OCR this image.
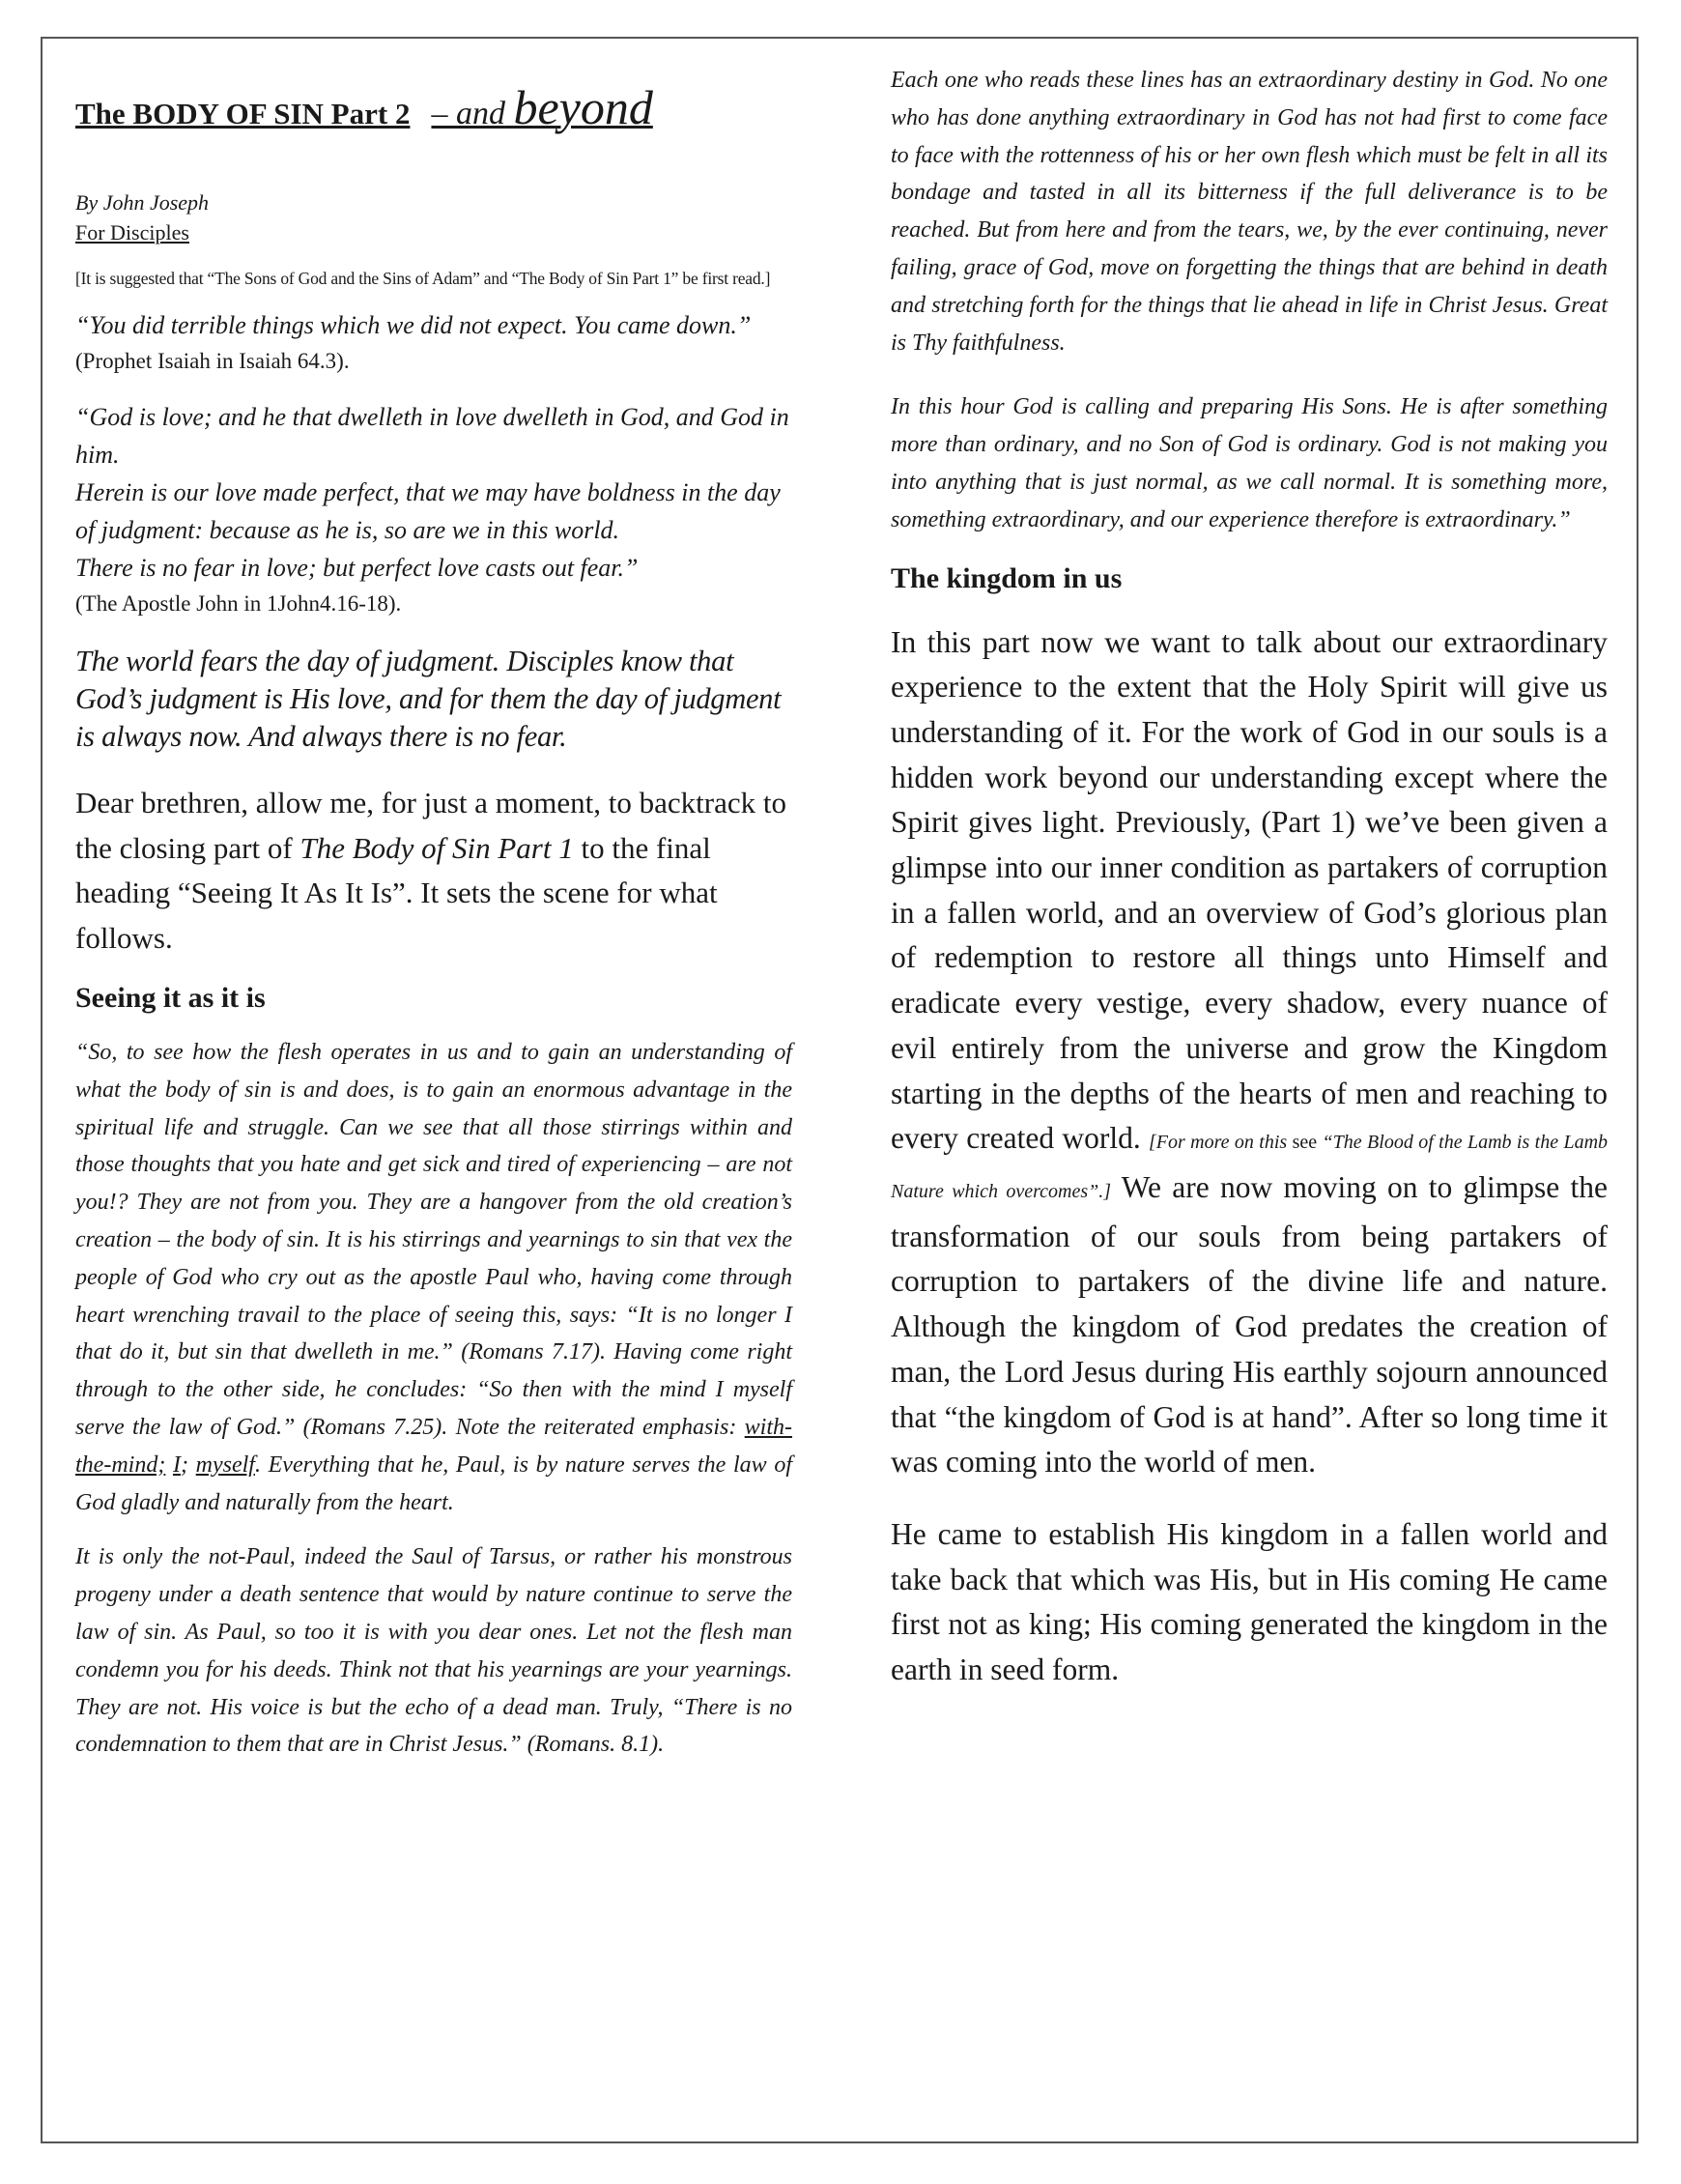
The BODY OF SIN Part 2 – and beyond

By John Joseph

For Disciples

[It is suggested that “The Sons of God and the Sins of Adam” and “The Body of Sin Part 1” be first read.]

“You did terrible things which we did not expect. You came down.”

(Prophet Isaiah in Isaiah 64.3).

“God is love; and he that dwelleth in love dwelleth in God, and God in him.

Herein is our love made perfect, that we may have boldness in the day of judgment: because as he is, so are we in this world.

There is no fear in love; but perfect love casts out fear.”

(The Apostle John in 1John4.16-18).

The world fears the day of judgment. Disciples know that God’s judgment is His love, and for them the day of judgment is always now. And always there is no fear.

Dear brethren, allow me, for just a moment, to backtrack to the closing part of The Body of Sin Part 1 to the final heading “Seeing It As It Is”. It sets the scene for what follows.

Seeing it as it is

“So, to see how the flesh operates in us and to gain an understanding of what the body of sin is and does, is to gain an enormous advantage in the spiritual life and struggle. Can we see that all those stirrings within and those thoughts that you hate and get sick and tired of experiencing – are not you!? They are not from you. They are a hangover from the old creation’s creation – the body of sin. It is his stirrings and yearnings to sin that vex the people of God who cry out as the apostle Paul who, having come through heart wrenching travail to the place of seeing this, says: “It is no longer I that do it, but sin that dwelleth in me.” (Romans 7.17). Having come right through to the other side, he concludes: “So then with the mind I myself serve the law of God.” (Romans 7.25). Note the reiterated emphasis: with-the-mind; I; myself. Everything that he, Paul, is by nature serves the law of God gladly and naturally from the heart.

It is only the not-Paul, indeed the Saul of Tarsus, or rather his monstrous progeny under a death sentence that would by nature continue to serve the law of sin. As Paul, so too it is with you dear ones. Let not the flesh man condemn you for his deeds. Think not that his yearnings are your yearnings. They are not. His voice is but the echo of a dead man. Truly, “There is no condemnation to them that are in Christ Jesus.” (Romans. 8.1).

Each one who reads these lines has an extraordinary destiny in God. No one who has done anything extraordinary in God has not had first to come face to face with the rottenness of his or her own flesh which must be felt in all its bondage and tasted in all its bitterness if the full deliverance is to be reached. But from here and from the tears, we, by the ever continuing, never failing, grace of God, move on forgetting the things that are behind in death and stretching forth for the things that lie ahead in life in Christ Jesus. Great is Thy faithfulness.

In this hour God is calling and preparing His Sons. He is after something more than ordinary, and no Son of God is ordinary. God is not making you into anything that is just normal, as we call normal. It is something more, something extraordinary, and our experience therefore is extraordinary.”

The kingdom in us

In this part now we want to talk about our extraordinary experience to the extent that the Holy Spirit will give us understanding of it. For the work of God in our souls is a hidden work beyond our understanding except where the Spirit gives light. Previously, (Part 1) we’ve been given a glimpse into our inner condition as partakers of corruption in a fallen world, and an overview of God’s glorious plan of redemption to restore all things unto Himself and eradicate every vestige, every shadow, every nuance of evil entirely from the universe and grow the Kingdom starting in the depths of the hearts of men and reaching to every created world. [For more on this see “The Blood of the Lamb is the Lamb Nature which overcomes”.] We are now moving on to glimpse the transformation of our souls from being partakers of corruption to partakers of the divine life and nature. Although the kingdom of God predates the creation of man, the Lord Jesus during His earthly sojourn announced that “the kingdom of God is at hand”. After so long time it was coming into the world of men.

He came to establish His kingdom in a fallen world and take back that which was His, but in His coming He came first not as king; His coming generated the kingdom in the earth in seed form.
